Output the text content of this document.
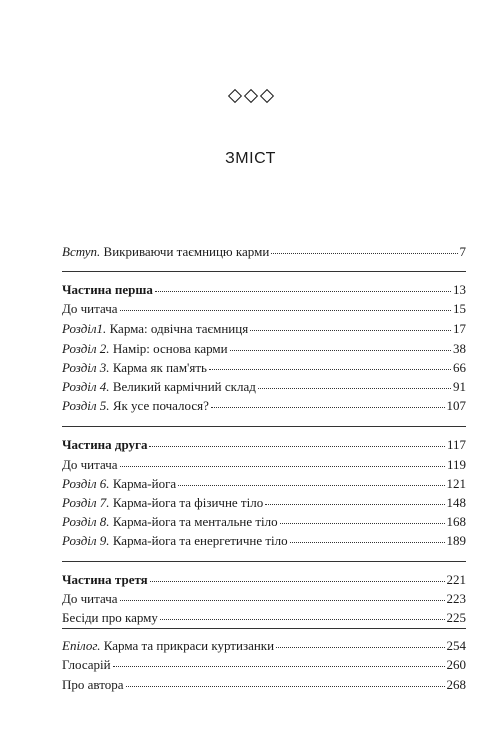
ЗМІСТ
Вступ. Викриваючи таємницю карми	7
Частина перша	13
До читача	15
Розділ1. Карма: одвічна таємниця	17
Розділ 2. Намір: основа карми	38
Розділ 3. Карма як пам'ять	66
Розділ 4. Великий кармічний склад	91
Розділ 5. Як усе почалося?	107
Частина друга	117
До читача	119
Розділ 6. Карма-йога	121
Розділ 7. Карма-йога та фізичне тіло	148
Розділ 8. Карма-йога та ментальне тіло	168
Розділ 9. Карма-йога та енергетичне тіло	189
Частина третя	221
До читача	223
Бесіди про карму	225
Епілог. Карма та прикраси куртизанки	254
Глосарій	260
Про автора	268
